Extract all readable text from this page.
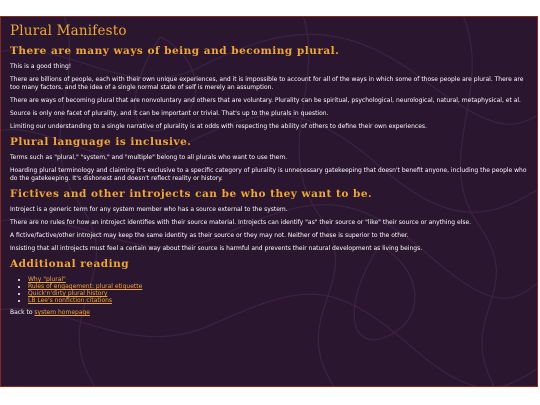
Plural Manifesto
There are many ways of being and becoming plural.

This is a good thing!

There are billions of people, each with their own unique experiences, and it is impossible to account for all of the ways in which some of those people are plural. There are too many factors, and the idea of a single normal state of self is merely an assumption.

There are ways of becoming plural that are nonvoluntary and others that are voluntary. Plurality can be spiritual, psychological, neurological, natural, metaphysical, et al.

Source is only one facet of plurality, and it can be important or trivial. That's up to the plurals in question.

Limiting our understanding to a single narrative of plurality is at odds with respecting the ability of others to define their own experiences.

Plural language is inclusive.

Terms such as "plural," "system," and "multiple" belong to all plurals who want to use them.

Hoarding plural terminology and claiming it's exclusive to a specific category of plurality is unnecessary gatekeeping that doesn't benefit anyone, including the people who do the gatekeeping. It's dishonest and doesn't reflect reality or history.

Fictives and other introjects can be who they want to be.

Introject is a generic term for any system member who has a source external to the system.

There are no rules for how an introject identifies with their source material. Introjects can identify "as" their source or "like" their source or anything else.

A fictive/factive/other introject may keep the same identity as their source or they may not. Neither of these is superior to the other.

Insisting that all introjects must feel a certain way about their source is harmful and prevents their natural development as living beings.

Additional reading
• Why "plural"
• Rules of engagement: plural etiquette
• Quick'n'dirty plural history
• LB Lee's nonfiction citations

Back to system homepage
